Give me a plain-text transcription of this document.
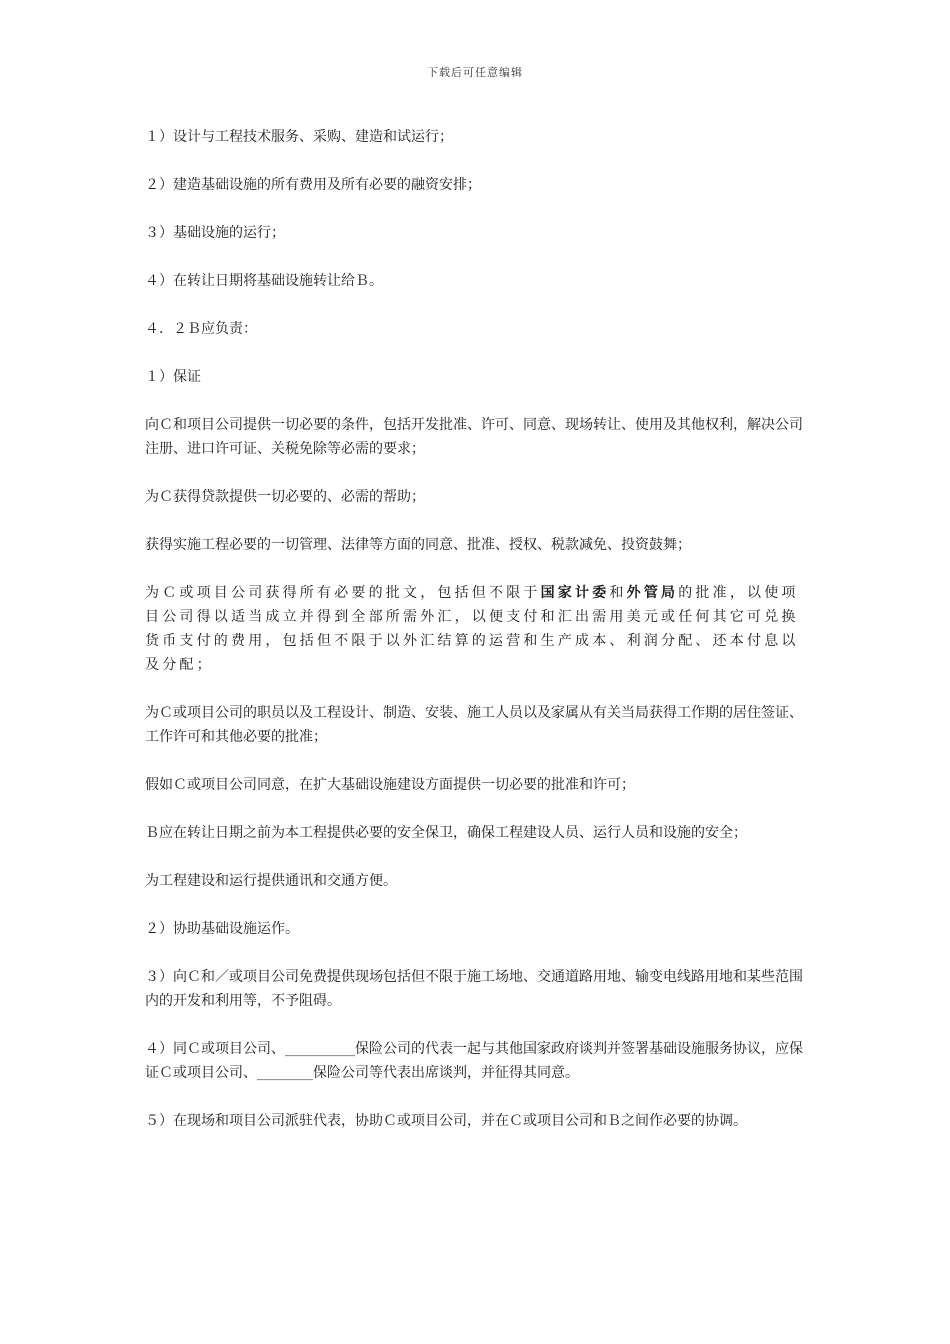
下载后可任意编辑

１）设计与工程技术服务、采购、建造和试运行；

２）建造基础设施的所有费用及所有必要的融资安排；

３）基础设施的运行；

４）在转让日期将基础设施转让给Ｂ。

４．２Ｂ应负责：

１）保证

向Ｃ和项目公司提供一切必要的条件，包括开发批准、许可、同意、现场转让、使用及其他权利，解决公司注册、进口许可证、关税免除等必需的要求；

为Ｃ获得贷款提供一切必要的、必需的帮助；

获得实施工程必要的一切管理、法律等方面的同意、批准、授权、税款减免、投资鼓舞；

为Ｃ或项目公司获得所有必要的批文，包括但不限于国家计委和外管局的批准，以使项目公司得以适当成立并得到全部所需外汇，以便支付和汇出需用美元或任何其它可兑换货币支付的费用，包括但不限于以外汇结算的运营和生产成本、利润分配、还本付息以及分配；

为Ｃ或项目公司的职员以及工程设计、制造、安装、施工人员以及家属从有关当局获得工作期的居住签证、工作许可和其他必要的批准；

假如Ｃ或项目公司同意，在扩大基础设施建设方面提供一切必要的批准和许可；

Ｂ应在转让日期之前为本工程提供必要的安全保卫，确保工程建设人员、运行人员和设施的安全；

为工程建设和运行提供通讯和交通方便。

２）协助基础设施运作。

３）向Ｃ和／或项目公司免费提供现场包括但不限于施工场地、交通道路用地、输变电线路用地和某些范围内的开发和利用等，不予阻碍。

４）同Ｃ或项目公司、__________保险公司的代表一起与其他国家政府谈判并签署基础设施服务协议，应保证Ｃ或项目公司、________保险公司等代表出席谈判，并征得其同意。

５）在现场和项目公司派驻代表，协助Ｃ或项目公司，并在Ｃ或项目公司和Ｂ之间作必要的协调。
